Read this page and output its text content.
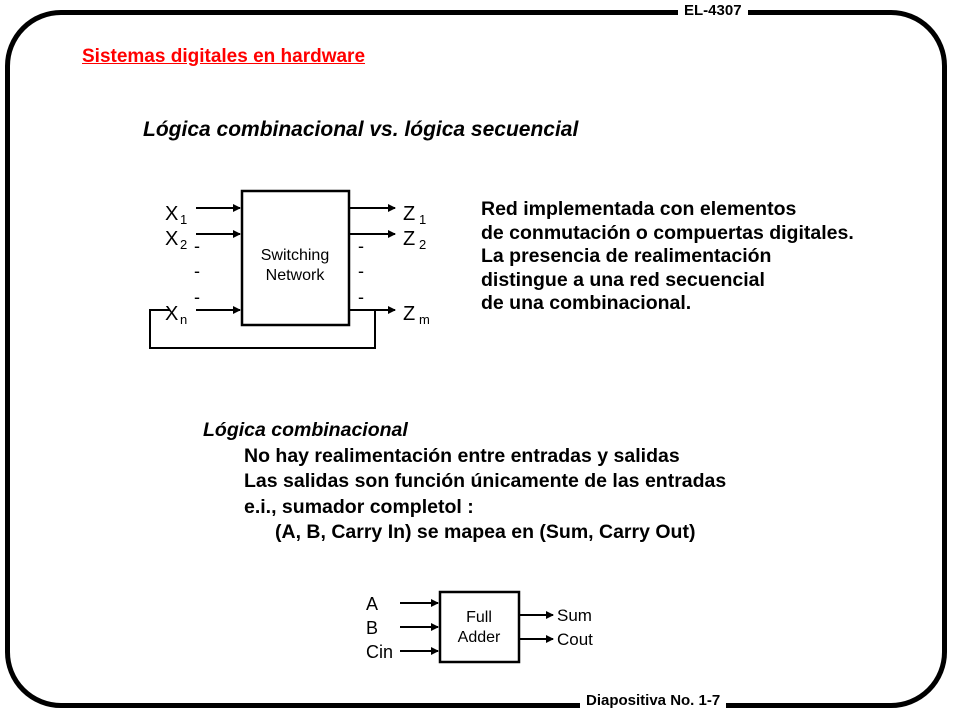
EL-4307
Diapositiva No. 1-7
Sistemas digitales en hardware
Lógica combinacional vs. lógica secuencial
Switching
Network
X 1
X 2
X n
-
-
-
-
-
-
Z 1
Z 2
Z m
Full
Adder
A
B
Cin
Sum
Cout
Red implementada con elementos
de conmutación o compuertas digitales.
La presencia de realimentación
distingue a una red secuencial
de una combinacional.
Lógica combinacional
No hay realimentación entre entradas y salidas
Las salidas son función únicamente de las entradas
e.i., sumador completol :
(A, B, Carry In) se mapea en (Sum, Carry Out)
